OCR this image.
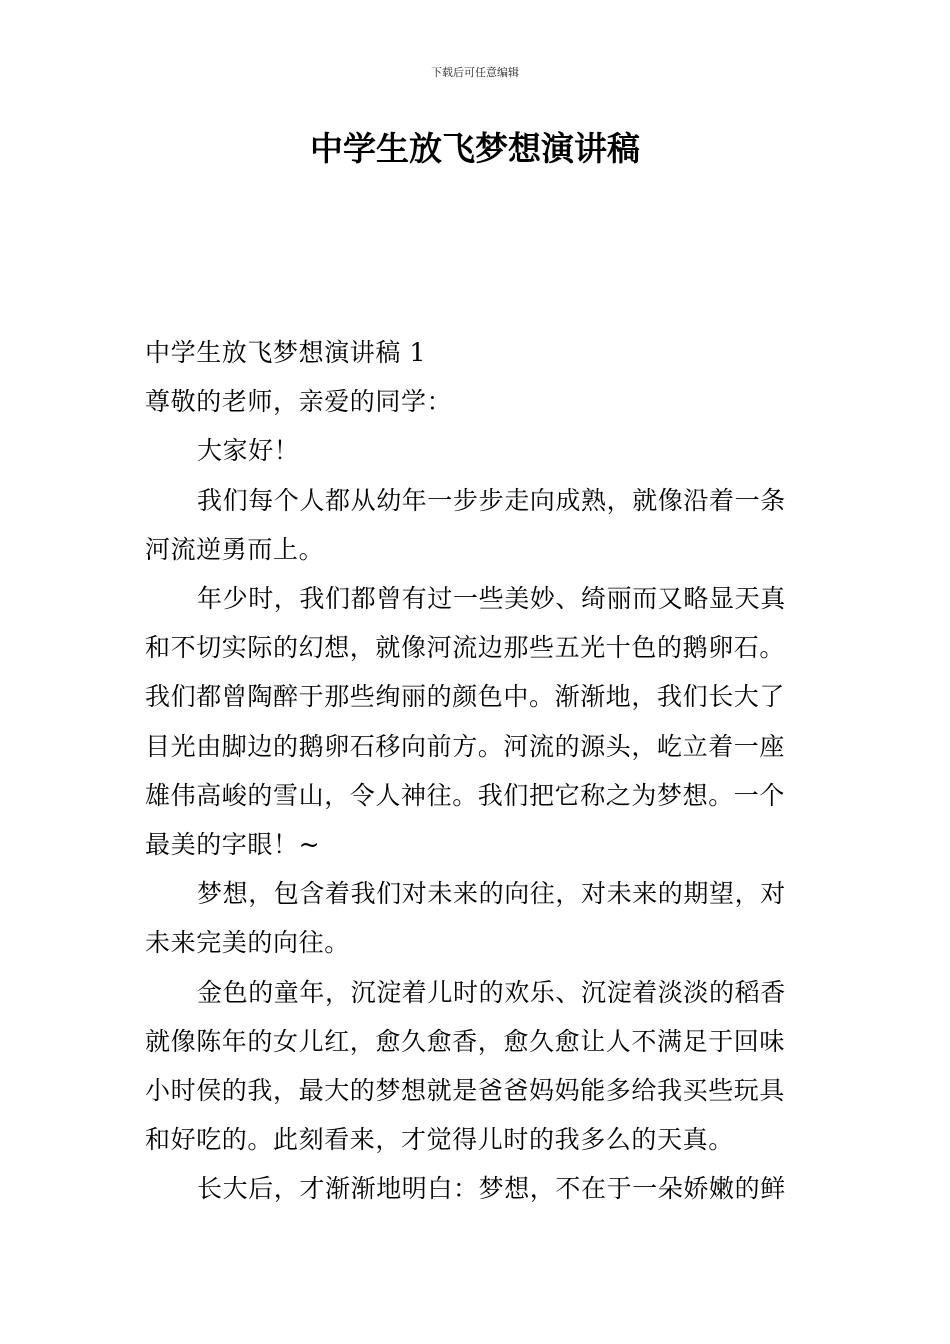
下载后可任意编辑
中学生放飞梦想演讲稿

中学生放飞梦想演讲稿 1

尊敬的老师，亲爱的同学：

大家好！

我们每个人都从幼年一步步走向成熟，就像沿着一条河流逆勇而上。

年少时，我们都曾有过一些美妙、绮丽而又略显天真和不切实际的幻想，就像河流边那些五光十色的鹅卵石。我们都曾陶醉于那些绚丽的颜色中。渐渐地，我们长大了目光由脚边的鹅卵石移向前方。河流的源头，屹立着一座雄伟高峻的雪山，令人神往。我们把它称之为梦想。一个最美的字眼！~

梦想，包含着我们对未来的向往，对未来的期望，对未来完美的向往。

金色的童年，沉淀着儿时的欢乐、沉淀着淡淡的稻香就像陈年的女儿红，愈久愈香，愈久愈让人不满足于回味小时侯的我，最大的梦想就是爸爸妈妈能多给我买些玩具和好吃的。此刻看来，才觉得儿时的我多么的天真。

长大后，才渐渐地明白：梦想，不在于一朵娇嫩的鲜
